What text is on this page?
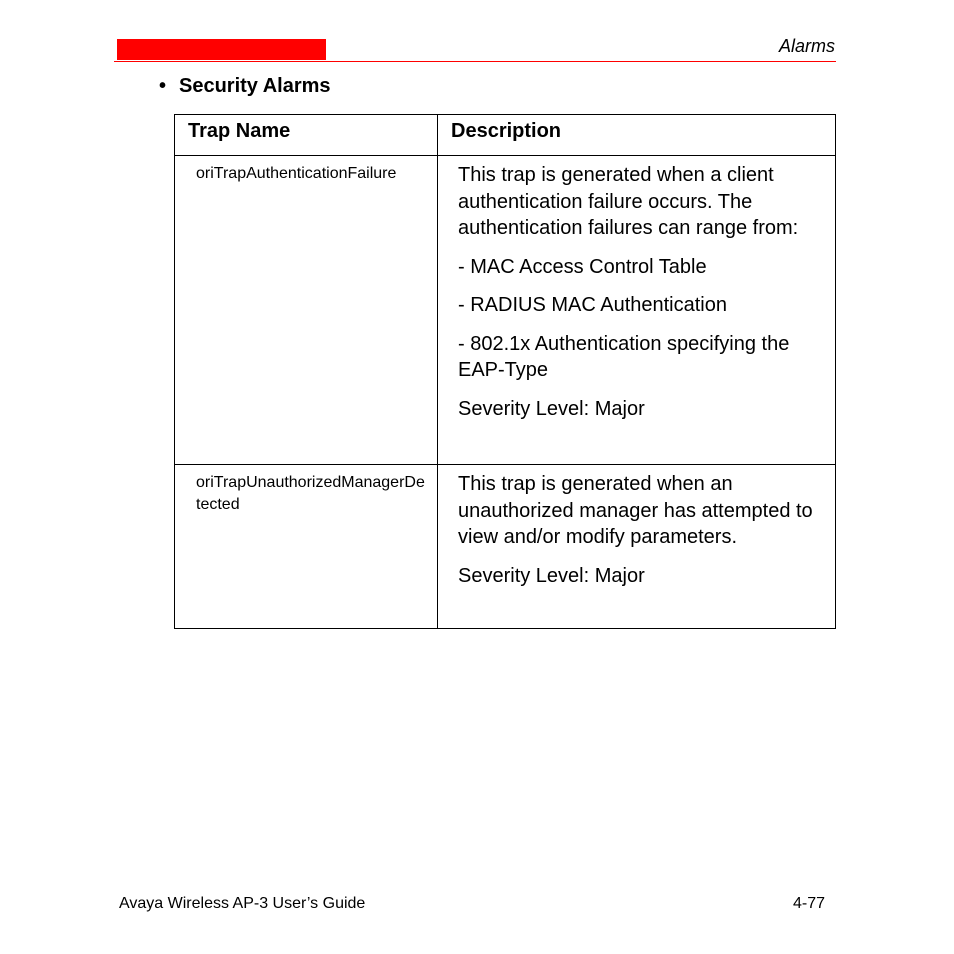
Alarms
• Security Alarms
Trap Name	Description

oriTrapAuthenticationFailure	This trap is generated when a client authentication failure occurs. The authentication failures can range from:

- MAC Access Control Table

- RADIUS MAC Authentication

- 802.1x Authentication specifying the EAP-Type

Severity Level: Major

oriTrapUnauthorizedManagerDetected	This trap is generated when an unauthorized manager has attempted to view and/or modify parameters.

Severity Level: Major

Avaya Wireless AP-3 User’s Guide	4-77
